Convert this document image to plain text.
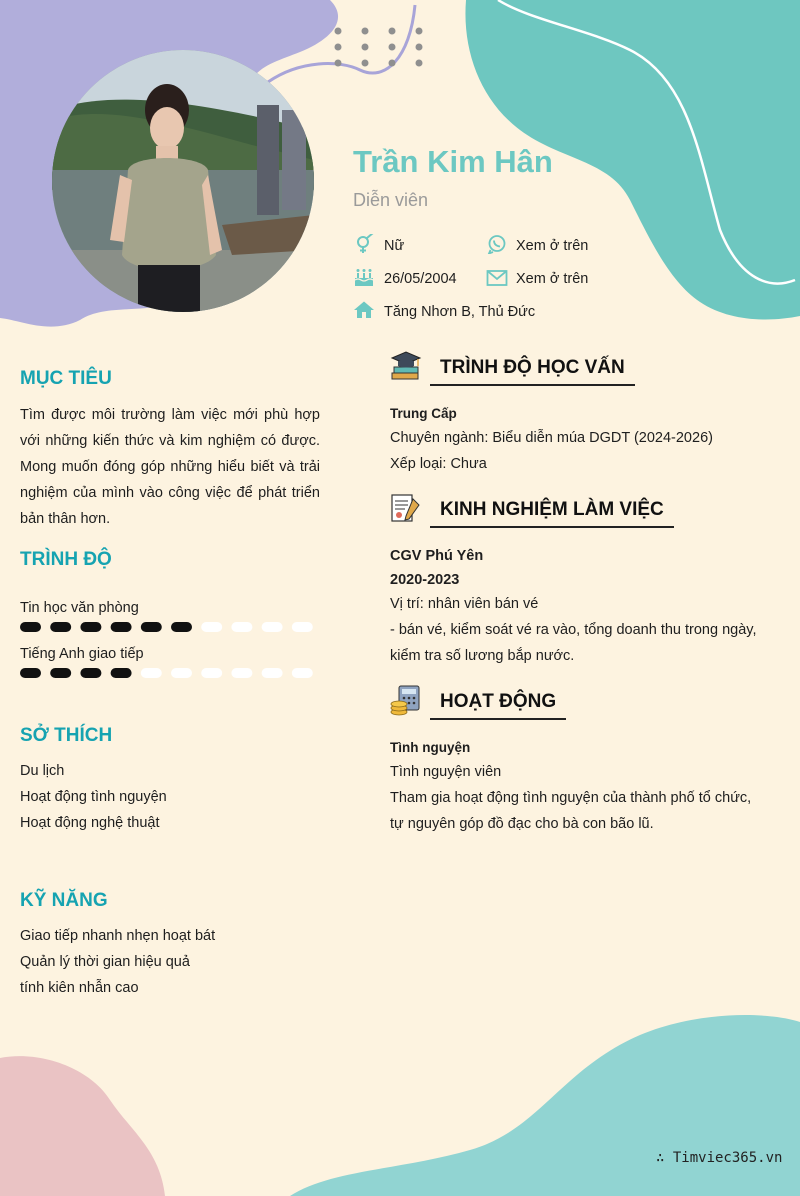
Trần Kim Hân
Diễn viên
Nữ	Xem ở trên
26/05/2004	Xem ở trên
Tăng Nhơn B, Thủ Đức
MỤC TIÊU

Tìm được môi trường làm việc mới phù hợp với những kiến thức và kim nghiệm có được. Mong muốn đóng góp những hiểu biết và trải nghiệm của mình vào công việc để phát triển bản thân hơn.

TRÌNH ĐỘ
Tin học văn phòng
Tiếng Anh giao tiếp
SỞ THÍCH
Du lịch
Hoạt động tình nguyện
Hoạt động nghệ thuật
KỸ NĂNG
Giao tiếp nhanh nhẹn hoạt bát
Quản lý thời gian hiệu quả
tính kiên nhẫn cao
TRÌNH ĐỘ HỌC VẤN
Trung Cấp
Chuyên ngành: Biểu diễn múa DGDT (2024-2026)
Xếp loại: Chưa
KINH NGHIỆM LÀM VIỆC
CGV Phú Yên
2020-2023
Vị trí: nhân viên bán vé
- bán vé, kiểm soát vé ra vào, tổng doanh thu trong ngày,
kiểm tra số lương bắp nước.
HOẠT ĐỘNG
Tình nguyện
Tình nguyện viên
Tham gia hoạt động tình nguyện của thành phố tổ chức,
tự nguyên góp đồ đạc cho bà con bão lũ.
∴ Timviec365.vn
